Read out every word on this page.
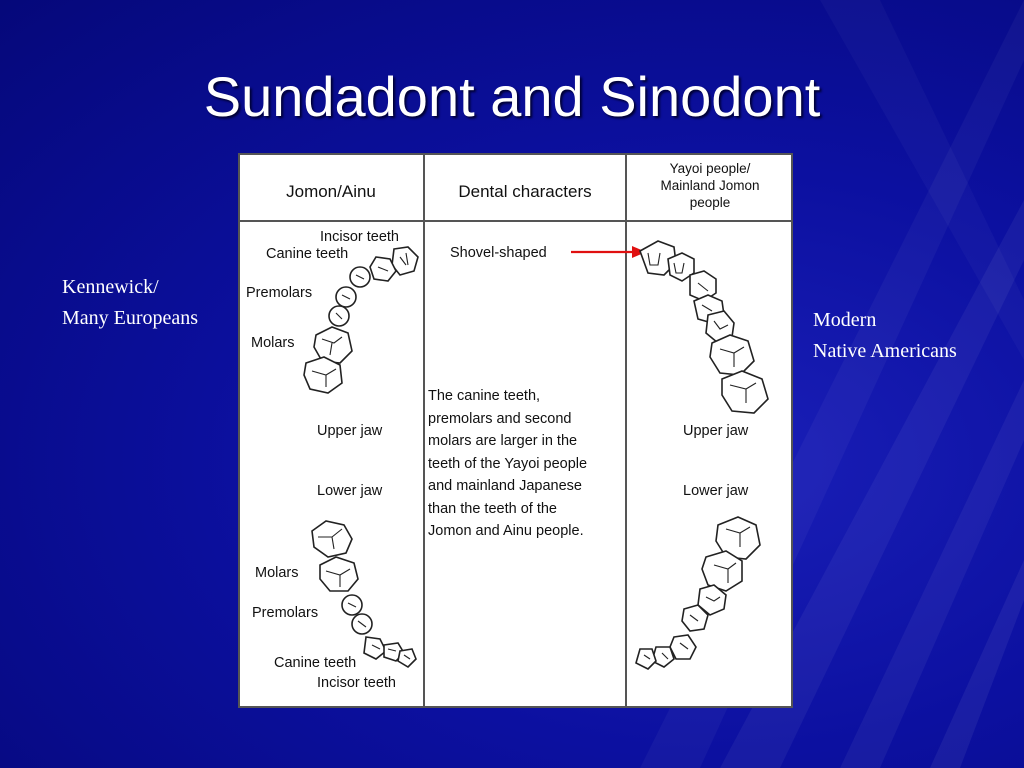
Sundadont and Sinodont
Kennewick/
Many Europeans	Modern
Native Americans
Jomon/Ainu	Dental characters
Yayoi people/
Mainland Jomon
people
Incisor teeth
Canine teeth
Premolars
Molars
Upper jaw
Lower jaw
Molars
Premolars
Canine teeth
Incisor teeth
Shovel-shaped
Upper jaw
Lower jaw
The canine teeth,
premolars and second
molars are larger in the
teeth of the Yayoi people
and mainland Japanese
than the teeth of the
Jomon and Ainu people.
